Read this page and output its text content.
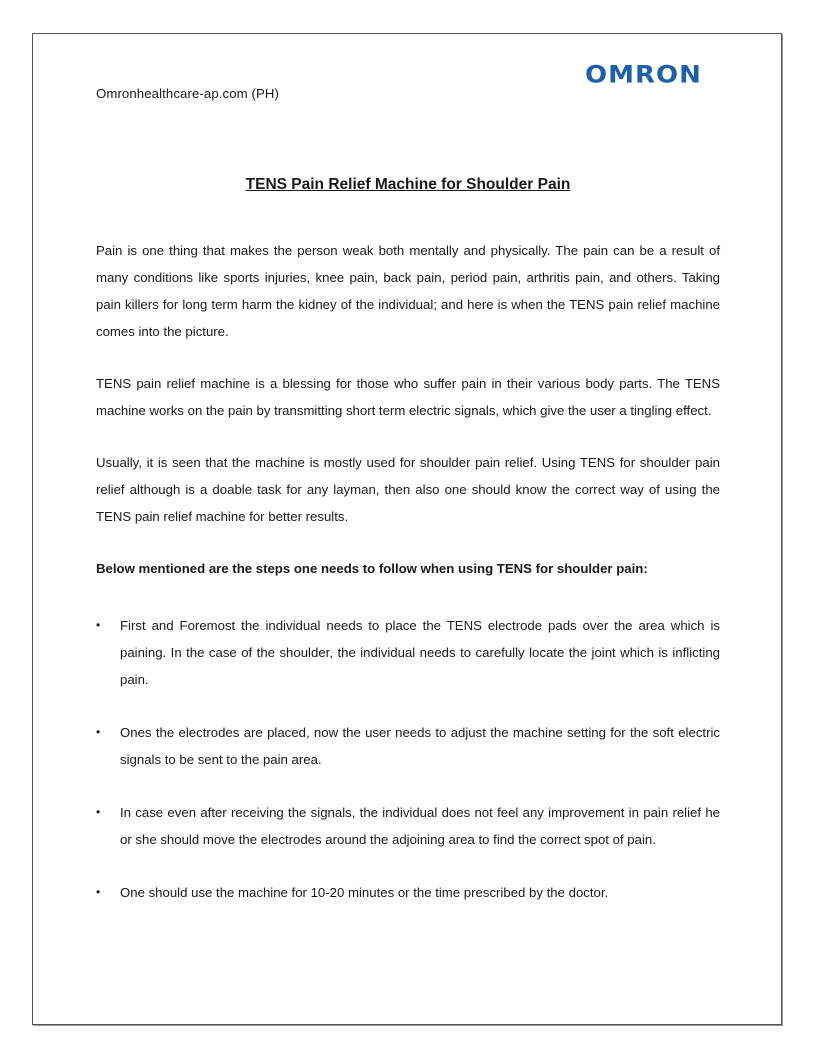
Omronhealthcare-ap.com (PH)
OMRON
TENS Pain Relief Machine for Shoulder Pain

Pain is one thing that makes the person weak both mentally and physically. The pain can be a result of many conditions like sports injuries, knee pain, back pain, period pain, arthritis pain, and others. Taking pain killers for long term harm the kidney of the individual; and here is when the TENS pain relief machine comes into the picture.

TENS pain relief machine is a blessing for those who suffer pain in their various body parts. The TENS machine works on the pain by transmitting short term electric signals, which give the user a tingling effect.

Usually, it is seen that the machine is mostly used for shoulder pain relief. Using TENS for shoulder pain relief although is a doable task for any layman, then also one should know the correct way of using the TENS pain relief machine for better results.

Below mentioned are the steps one needs to follow when using TENS for shoulder pain:

• First and Foremost the individual needs to place the TENS electrode pads over the area which is paining. In the case of the shoulder, the individual needs to carefully locate the joint which is inflicting pain.
• Ones the electrodes are placed, now the user needs to adjust the machine setting for the soft electric signals to be sent to the pain area.
• In case even after receiving the signals, the individual does not feel any improvement in pain relief he or she should move the electrodes around the adjoining area to find the correct spot of pain.
• One should use the machine for 10-20 minutes or the time prescribed by the doctor.
